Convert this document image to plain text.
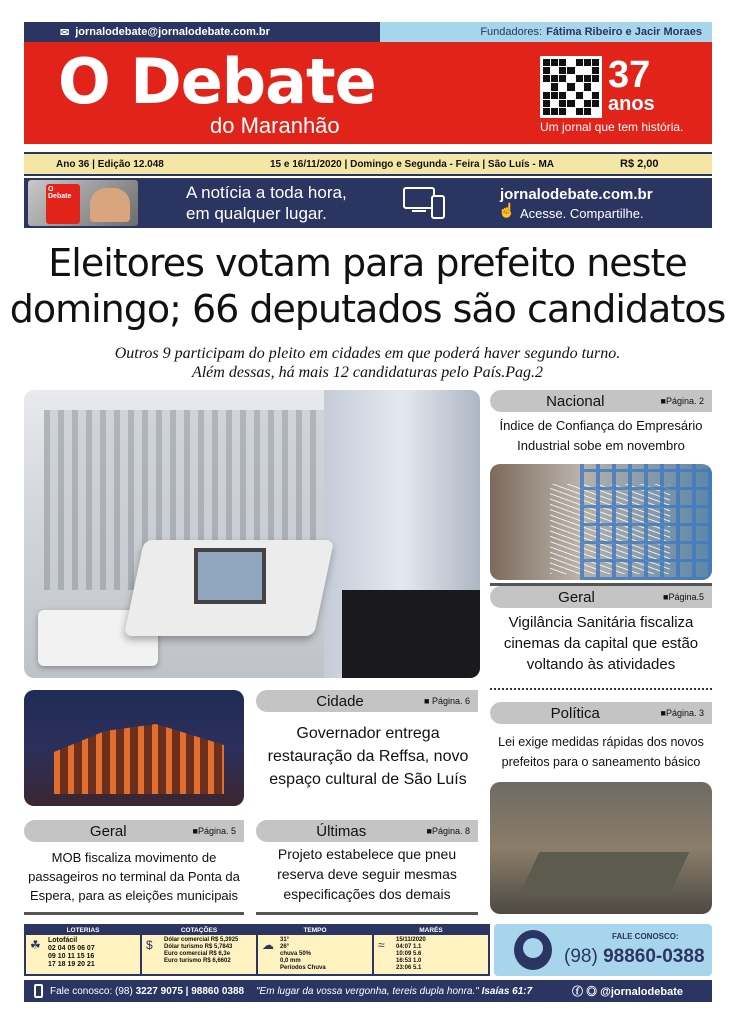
✉ jornalodebate@jornalodebate.com.br	Fundadores: Fátima Ribeiro e Jacir Moraes
O Debate
do Maranhão
37
anos
Um jornal que tem história.
Ano 36 | Edição 12.048	15 e 16/11/2020 | Domingo e Segunda - Feira | São Luís - MA	R$ 2,00
O Debate	A notícia a toda hora,
em qualquer lugar.	☝
jornalodebate.com.br
Acesse. Compartilhe.
Eleitores votam para prefeito neste
domingo; 66 deputados são candidatos
Outros 9 participam do pleito em cidades em que poderá haver segundo turno.
Além dessas, há mais 12 candidaturas pelo País.Pag.2
Nacional	■Página. 2
Índice de Confiança do Empresário Industrial sobe em novembro
Geral	■Página.5
Vigilância Sanitária fiscaliza cinemas da capital que estão voltando às atividades
Cidade	■ Página. 6
Governador entrega restauração da Reffsa, novo espaço cultural de São Luís
Política	■Página. 3
Lei exige medidas rápidas dos novos prefeitos para o saneamento básico
Geral	■Página. 5
MOB fiscaliza movimento de passageiros no terminal da Ponta da Espera, para as eleições municipais
Últimas	■Página. 8
Projeto estabelece que pneu reserva deve seguir mesmas especificações dos demais
LOTERIAS
☘	Lotofácil
02 04 05 06 07
09 10 11 15 16
17 18 19 20 21
COTAÇÕES
$	Dólar comercial R$ 5,3925
Dólar turismo R$ 5,7843
Euro comercial R$ 6,3e
Euro turismo R$ 6,6602
TEMPO
☁	31°
26°
chuva 50%
0,0 mm
Períodos Chuva
MARÉS
≈	15/11/2020
04:07 1.1
10:09 5.6
16:53 1.0
23:06 5.1
FALE CONOSCO:
(98) 98860-0388
Fale conosco: (98) 3227 9075 | 98860 0388 "Em lugar da vossa vergonha, tereis dupla honra." Isaías 61:7	ⓕ ◎ @jornalodebate
